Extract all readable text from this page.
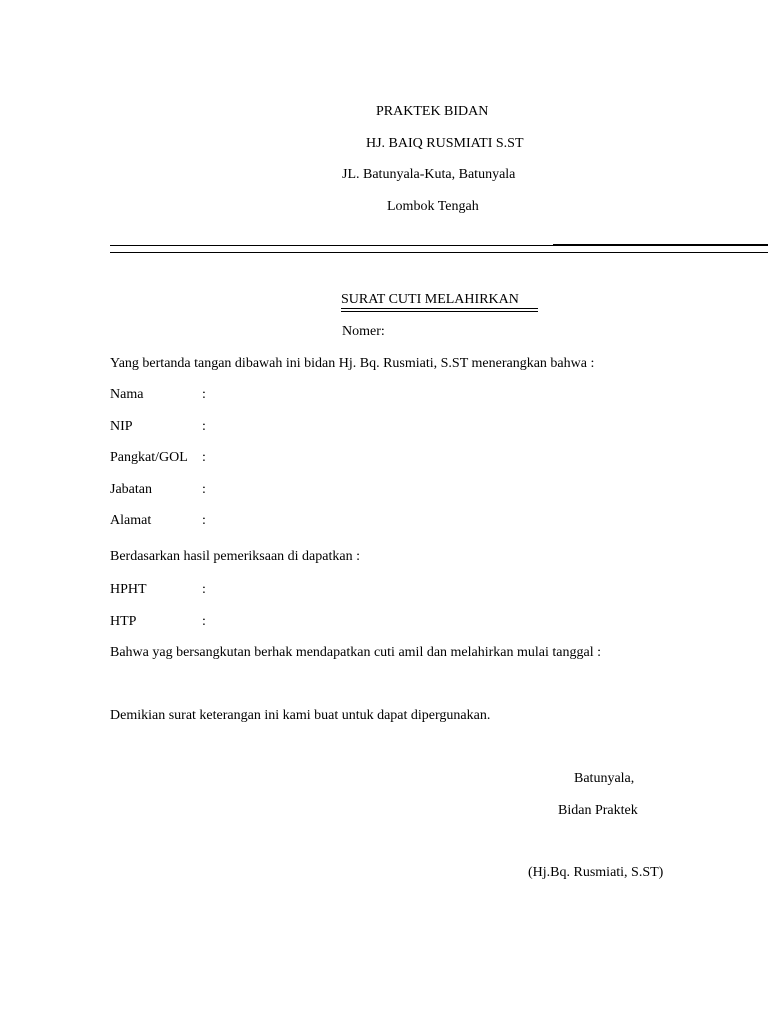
PRAKTEK BIDAN
HJ. BAIQ RUSMIATI S.ST
JL. Batunyala-Kuta, Batunyala
Lombok Tengah
SURAT CUTI MELAHIRKAN
Nomer:
Yang bertanda tangan dibawah ini bidan Hj. Bq. Rusmiati, S.ST menerangkan bahwa :
Nama	:
NIP	:
Pangkat/GOL :
Jabatan	:
Alamat	:
Berdasarkan hasil pemeriksaan di dapatkan :
HPHT	:
HTP	:
Bahwa yag bersangkutan berhak mendapatkan cuti amil dan melahirkan mulai tanggal :
Demikian surat keterangan ini kami buat untuk dapat dipergunakan.
Batunyala,
Bidan Praktek
(Hj.Bq. Rusmiati, S.ST)
